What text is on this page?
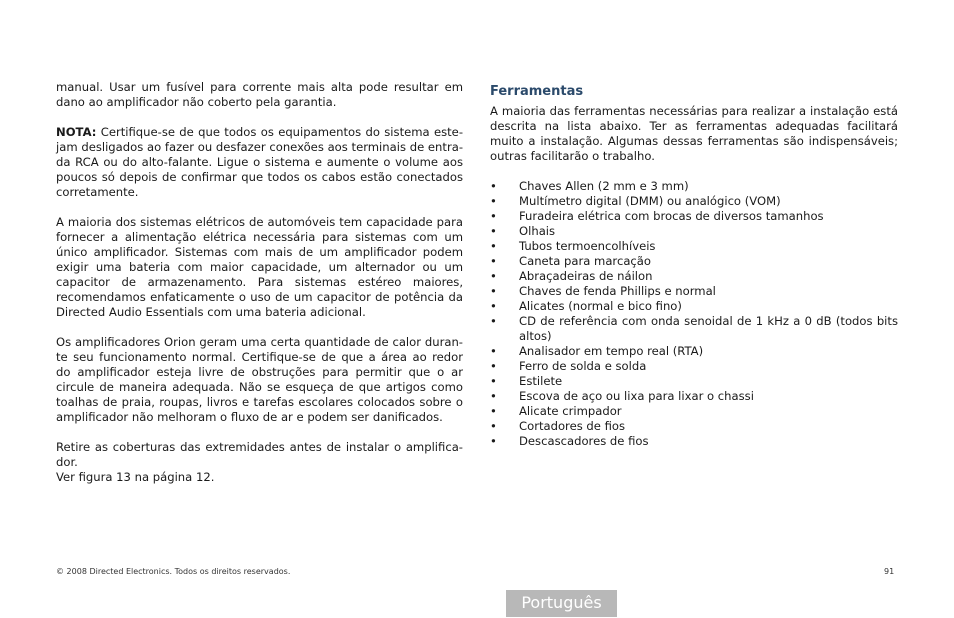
manual. Usar um fusível para corrente mais alta pode resultar em dano ao amplificador não coberto pela garantia.

NOTA: Certifique-se de que todos os equipamentos do sistema este-jam desligados ao fazer ou desfazer conexões aos terminais de entra-da RCA ou do alto-falante. Ligue o sistema e aumente o volume aos poucos só depois de confirmar que todos os cabos estão conectados corretamente.

A maioria dos sistemas elétricos de automóveis tem capacidade para fornecer a alimentação elétrica necessária para sistemas com um único amplificador. Sistemas com mais de um amplificador podem exigir uma bateria com maior capacidade, um alternador ou um capacitor de armazenamento. Para sistemas estéreo maiores, recomendamos enfaticamente o uso de um capacitor de potência da Directed Audio Essentials com uma bateria adicional.

Os amplificadores Orion geram uma certa quantidade de calor duran-te seu funcionamento normal. Certifique-se de que a área ao redor do amplificador esteja livre de obstruções para permitir que o ar circule de maneira adequada. Não se esqueça de que artigos como toalhas de praia, roupas, livros e tarefas escolares colocados sobre o amplificador não melhoram o fluxo de ar e podem ser danificados.

Retire as coberturas das extremidades antes de instalar o amplifica-dor.

Ver figura 13 na página 12.

Ferramentas

A maioria das ferramentas necessárias para realizar a instalação está descrita na lista abaixo. Ter as ferramentas adequadas facilitará muito a instalação. Algumas dessas ferramentas são indispensáveis; outras facilitarão o trabalho.

• Chaves Allen (2 mm e 3 mm)
• Multímetro digital (DMM) ou analógico (VOM)
• Furadeira elétrica com brocas de diversos tamanhos
• Olhais
• Tubos termoencolhíveis
• Caneta para marcação
• Abraçadeiras de náilon
• Chaves de fenda Phillips e normal
• Alicates (normal e bico fino)
• CD de referência com onda senoidal de 1 kHz a 0 dB (todos bits altos)
• Analisador em tempo real (RTA)
• Ferro de solda e solda
• Estilete
• Escova de aço ou lixa para lixar o chassi
• Alicate crimpador
• Cortadores de fios
• Descascadores de fios
© 2008 Directed Electronics. Todos os direitos reservados.	91
Português
